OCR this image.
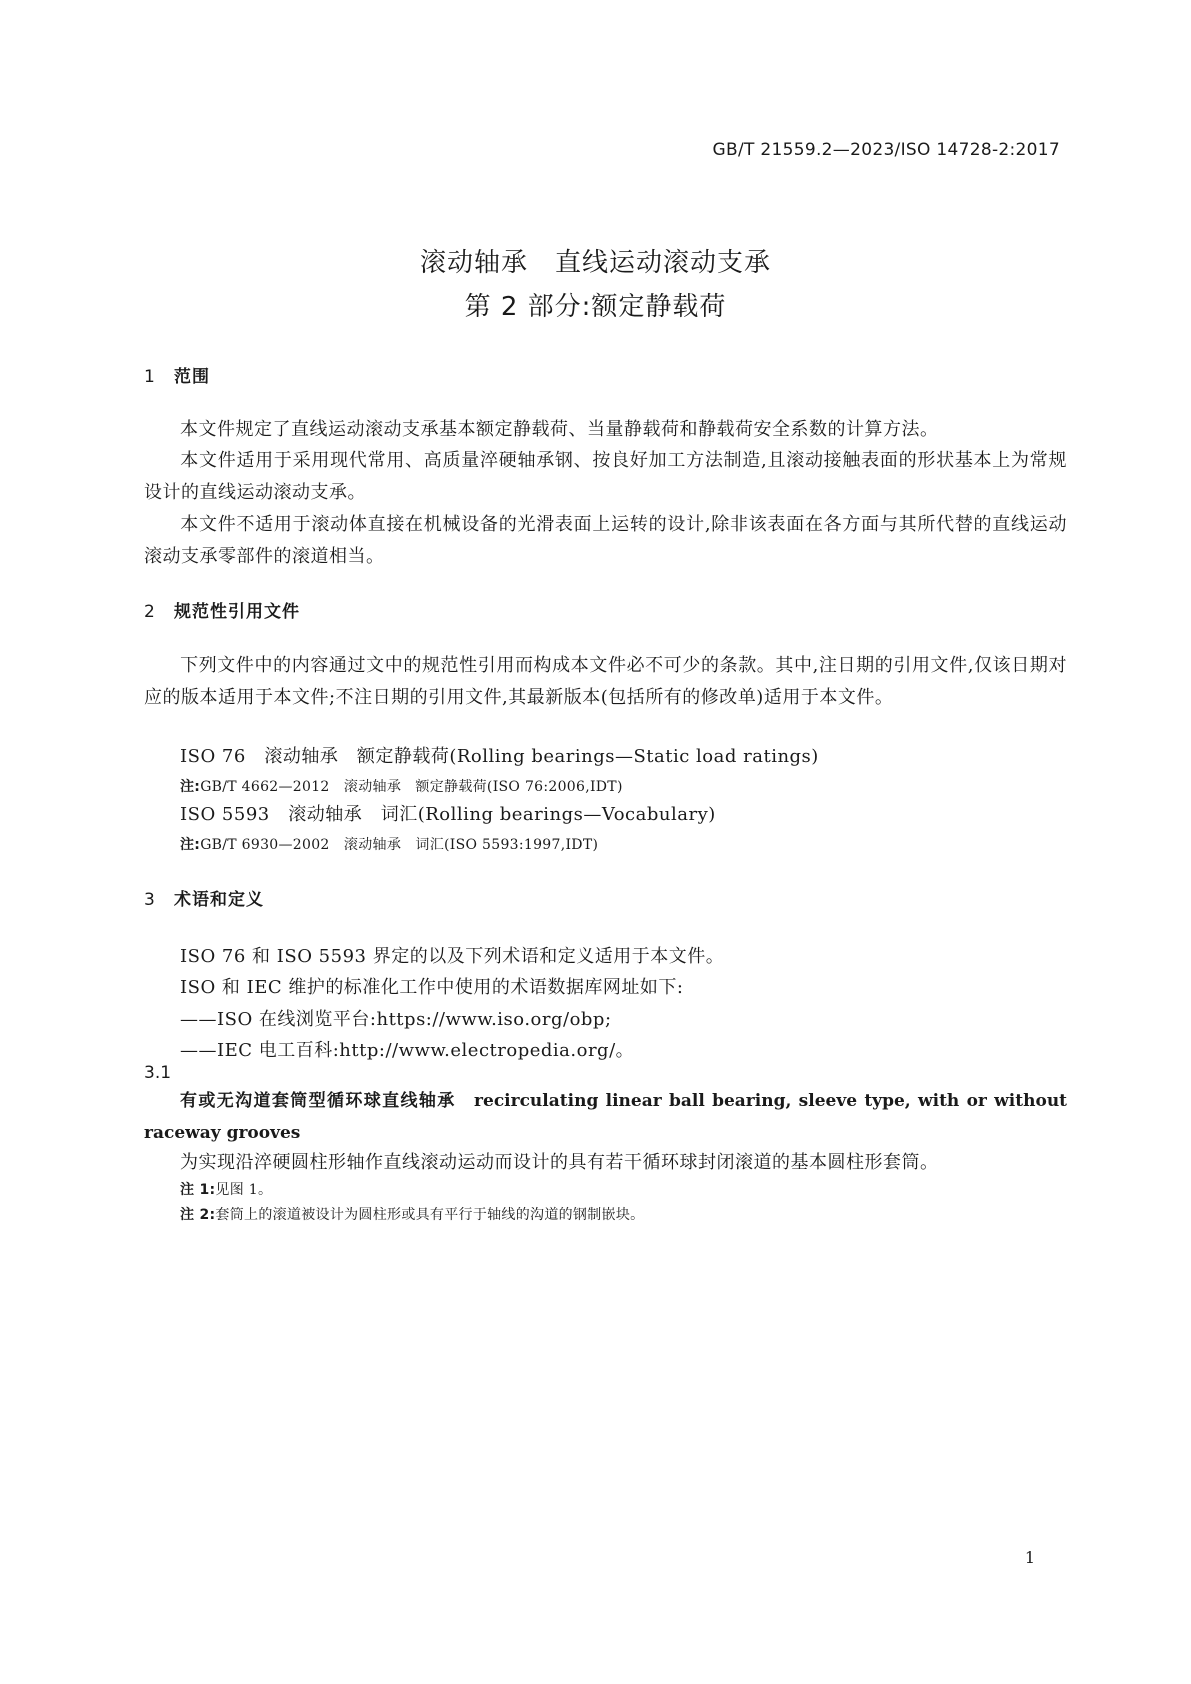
GB/T 21559.2—2023/ISO 14728-2:2017
滚动轴承　直线运动滚动支承
第 2 部分:额定静载荷
1 范围
本文件规定了直线运动滚动支承基本额定静载荷、当量静载荷和静载荷安全系数的计算方法。
本文件适用于采用现代常用、高质量淬硬轴承钢、按良好加工方法制造,且滚动接触表面的形状基本上为常规设计的直线运动滚动支承。
本文件不适用于滚动体直接在机械设备的光滑表面上运转的设计,除非该表面在各方面与其所代替的直线运动滚动支承零部件的滚道相当。
2 规范性引用文件
下列文件中的内容通过文中的规范性引用而构成本文件必不可少的条款。其中,注日期的引用文件,仅该日期对应的版本适用于本文件;不注日期的引用文件,其最新版本(包括所有的修改单)适用于本文件。
ISO 76　滚动轴承　额定静载荷(Rolling bearings—Static load ratings)
注:GB/T 4662—2012　滚动轴承　额定静载荷(ISO 76:2006,IDT)
ISO 5593　滚动轴承　词汇(Rolling bearings—Vocabulary)
注:GB/T 6930—2002　滚动轴承　词汇(ISO 5593:1997,IDT)
3 术语和定义
ISO 76 和 ISO 5593 界定的以及下列术语和定义适用于本文件。
ISO 和 IEC 维护的标准化工作中使用的术语数据库网址如下:
——ISO 在线浏览平台:https://www.iso.org/obp;
——IEC 电工百科:http://www.electropedia.org/。
3.1
有或无沟道套筒型循环球直线轴承　 recirculating linear ball bearing, sleeve type, with or without raceway grooves
为实现沿淬硬圆柱形轴作直线滚动运动而设计的具有若干循环球封闭滚道的基本圆柱形套筒。
注 1:见图 1。
注 2:套筒上的滚道被设计为圆柱形或具有平行于轴线的沟道的钢制嵌块。
1
